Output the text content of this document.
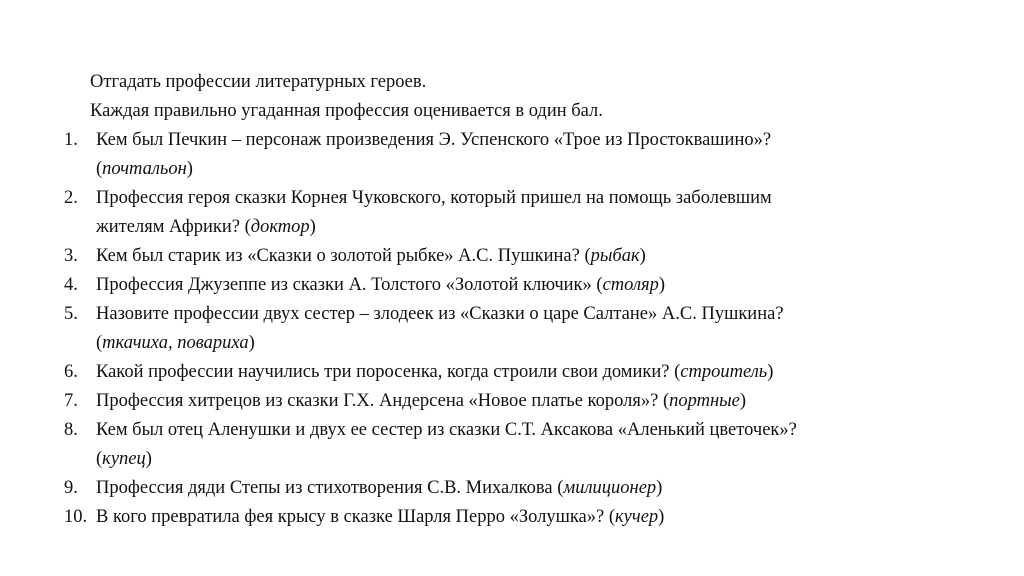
Отгадать профессии литературных героев.
Каждая правильно угаданная профессия оценивается в один бал.
1. Кем был Печкин – персонаж произведения Э. Успенского «Трое из Простоквашино»?
(почтальон)
2. Профессия героя сказки Корнея Чуковского, который пришел на помощь заболевшим
жителям Африки? (доктор)
3. Кем был старик из «Сказки о золотой рыбке» А.С. Пушкина? (рыбак)
4. Профессия Джузеппе из сказки А. Толстого «Золотой ключик» (столяр)
5. Назовите профессии двух сестер – злодеек из «Сказки о царе Салтане» А.С. Пушкина?
(ткачиха, повариха)
6. Какой профессии научились три поросенка, когда строили свои домики? (строитель)
7. Профессия хитрецов из сказки Г.Х. Андерсена «Новое платье короля»? (портные)
8. Кем был отец Аленушки и двух ее сестер из сказки С.Т. Аксакова «Аленький цветочек»?
(купец)
9. Профессия дяди Степы из стихотворения С.В. Михалкова (милиционер)
10. В кого превратила фея крысу в сказке Шарля Перро «Золушка»? (кучер)
